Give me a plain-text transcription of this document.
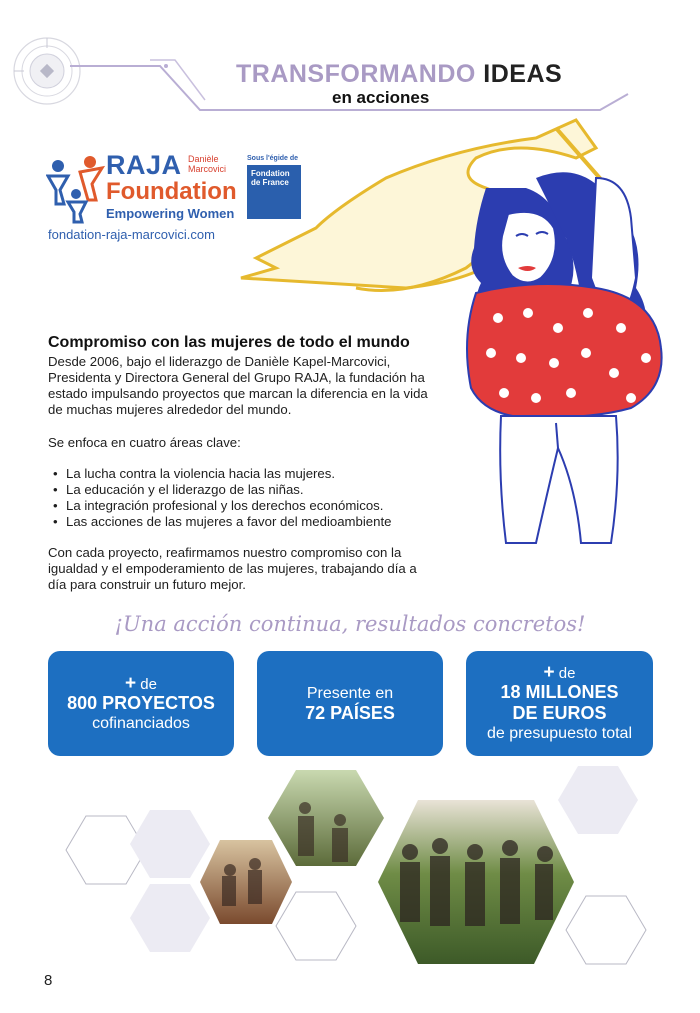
TRANSFORMANDO IDEAS
en acciones
RAJA Danièle Marcovici
Foundation
Empowering Women
Sous l'égide de
Fondation de France
fondation-raja-marcovici.com
Compromiso con las mujeres de todo el mundo

Desde 2006, bajo el liderazgo de Danièle Kapel-Marcovici, Presidenta y Directora General del Grupo RAJA, la fundación ha estado impulsando proyectos que marcan la diferencia en la vida de muchas mujeres alrededor del mundo.

Se enfoca en cuatro áreas clave:

• La lucha contra la violencia hacia las mujeres.
• La educación y el liderazgo de las niñas.
• La integración profesional y los derechos económicos.
• Las acciones de las mujeres a favor del medioambiente

Con cada proyecto, reafirmamos nuestro compromiso con la igualdad y el empoderamiento de las mujeres, trabajando día a día para construir un futuro mejor.

¡Una acción continua, resultados concretos!
+ de
800 PROYECTOS
cofinanciados
Presente en
72 PAÍSES
+ de
18 MILLONES DE EUROS
de presupuesto total
8
